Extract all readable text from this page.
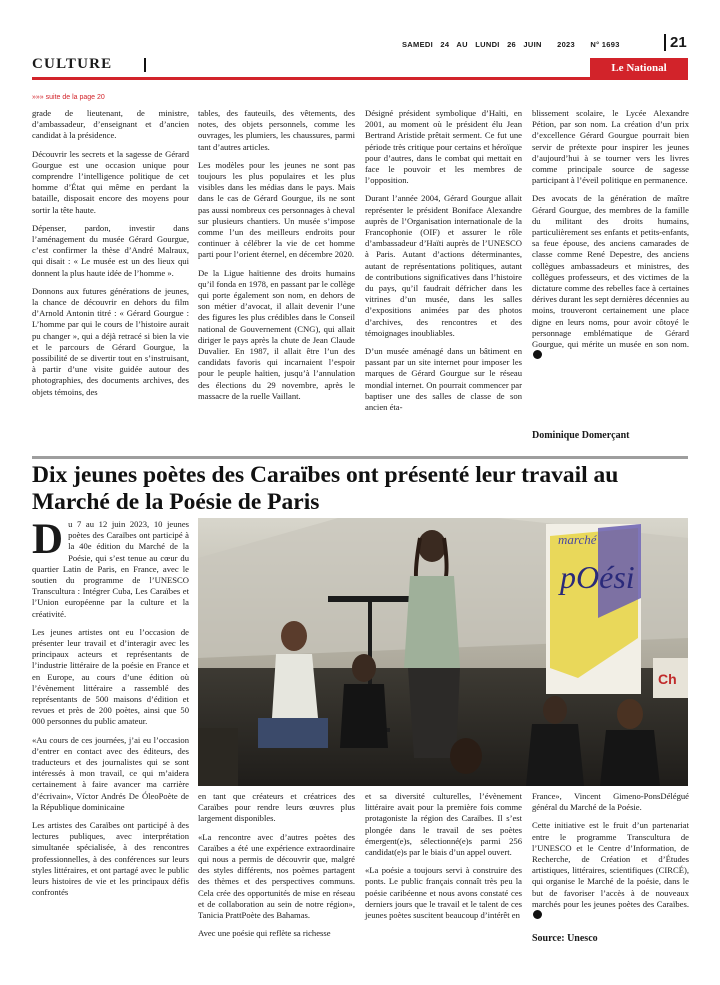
SAMEDI 24 AU LUNDI 26 JUIN 2023 N° 1693	21
CULTURE	Le National
»»» suite de la page 20

grade de lieutenant, de ministre, d’ambassadeur, d’enseignant et d’ancien candidat à la présidence.

Découvrir les secrets et la sagesse de Gérard Gourgue est une occasion unique pour comprendre l’intelligence politique de cet homme d’État qui même en perdant la bataille, disposait encore des moyens pour sortir la tête haute.

Dépenser, pardon, investir dans l’aménagement du musée Gérard Gourgue, c’est confirmer la thèse d’André Malraux, qui disait : « Le musée est un des lieux qui donnent la plus haute idée de l’homme ».

Donnons aux futures générations de jeunes, la chance de découvrir en dehors du film d’Arnold Antonin titré : « Gérard Gourgue : L’homme par qui le cours de l’histoire aurait pu changer », qui a déjà retracé si bien la vie et le parcours de Gérard Gourgue, la possibilité de se divertir tout en s’instruisant, à partir d’une visite guidée autour des photographies, des documents archives, des objets témoins, des

tables, des fauteuils, des vêtements, des notes, des objets personnels, comme les ouvrages, les plumiers, les chaussures, parmi tant d’autres articles.

Les modèles pour les jeunes ne sont pas toujours les plus populaires et les plus visibles dans les médias dans le pays. Mais dans le cas de Gérard Gourgue, ils ne sont pas aussi nombreux ces personnages à cheval sur plusieurs chantiers. Un musée s’impose comme l’un des meilleurs endroits pour continuer à célébrer la vie de cet homme parti pour l’orient éternel, en décembre 2020.

De la Ligue haïtienne des droits humains qu’il fonda en 1978, en passant par le collège qui porte également son nom, en dehors de son métier d’avocat, il allait devenir l’une des figures les plus crédibles dans le Conseil national de Gouvernement (CNG), qui allait diriger le pays après la chute de Jean Claude Duvalier. En 1987, il allait être l’un des candidats favoris qui incarnaient l’espoir pour le peuple haïtien, jusqu’à l’annulation des élections du 29 novembre, après le massacre de la ruelle Vaillant.

Désigné président symbolique d’Haïti, en 2001, au moment où le président élu Jean Bertrand Aristide prêtait serment. Ce fut une période très critique pour certains et héroïque pour d’autres, dans le combat qui mettait en face le pouvoir et les membres de l’opposition.

Durant l’année 2004, Gérard Gourgue allait représenter le président Boniface Alexandre auprès de l’Organisation internationale de la Francophonie (OIF) et assurer le rôle d’ambassadeur d’Haïti auprès de l’UNESCO à Paris. Autant d’actions déterminantes, autant de représentations politiques, autant de contributions significatives dans l’histoire du pays, qu’il faudrait défricher dans les vitrines d’un musée, dans les salles d’expositions animées par des photos d’archives, des rencontres et des témoignages inoubliables.

D’un musée aménagé dans un bâtiment en passant par un site internet pour imposer les marques de Gérard Gourgue sur le réseau mondial internet. On pourrait commencer par baptiser une des salles de classe de son ancien éta-

blissement scolaire, le Lycée Alexandre Pétion, par son nom. La création d’un prix d’excellence Gérard Gourgue pourrait bien servir de prétexte pour inspirer les jeunes d’aujourd’hui à se tourner vers les livres comme principale source de sagesse participant à l’éveil politique en permanence.

Des avocats de la génération de maître Gérard Gourgue, des membres de la famille du militant des droits humains, particulièrement ses enfants et petits-enfants, sa feue épouse, des anciens camarades de classe comme René Depestre, des anciens collègues ambassadeurs et ministres, des collègues professeurs, et des victimes de la dictature comme des rebelles face à certaines dérives durant les sept dernières décennies au moins, trouveront certainement une place digne en leurs noms, pour avoir côtoyé le personnage emblématique de Gérard Gourgue, qui mérite un musée en son nom.

Dominique Domerçant
Dix jeunes poètes des Caraïbes ont présenté leur travail au Marché de la Poésie de Paris

Du 7 au 12 juin 2023, 10 jeunes poètes des Caraïbes ont participé à la 40e édition du Marché de la Poésie, qui s’est tenue au cœur du quartier Latin de Paris, en France, avec le soutien du programme de l’UNESCO Transcultura : Intégrer Cuba, Les Caraïbes et l’Union européenne par la culture et la créativité.

Les jeunes artistes ont eu l’occasion de présenter leur travail et d’interagir avec les principaux acteurs et représentants de l’industrie littéraire de la poésie en France et en Europe, au cours d’une édition où l’évènement littéraire a rassemblé des représentants de 500 maisons d’édition et revues et près de 200 poètes, ainsi que 50 000 personnes du public amateur.

«Au cours de ces journées, j’ai eu l’occasion d’entrer en contact avec des éditeurs, des traducteurs et des journalistes qui se sont intéressés à mon travail, ce qui m’aidera certainement à faire avancer ma carrière d’écrivain», Víctor Andrés De ÓleoPoète de la République dominicaine

Les artistes des Caraïbes ont participé à des lectures publiques, avec interprétation simultanée spécialisée, à des rencontres professionnelles, à des conférences sur leurs styles littéraires, et ont partagé avec le public leurs histoires de vie et les principaux défis confrontés

marché
pOési
Ch

en tant que créateurs et créatrices des Caraïbes pour rendre leurs œuvres plus largement disponibles.

«La rencontre avec d’autres poètes des Caraïbes a été une expérience extraordinaire qui nous a permis de découvrir que, malgré des styles différents, nos poèmes partagent des thèmes et des perspectives communs. Cela crée des opportunités de mise en réseau et de collaboration au sein de notre région», Tanicia PrattPoète des Bahamas.

Avec une poésie qui reflète sa richesse

et sa diversité culturelles, l’évènement littéraire avait pour la première fois comme protagoniste la région des Caraïbes. Il s’est plongée dans le travail de ses poètes émergent(e)s, sélectionné(e)s parmi 256 candidat(e)s par le biais d’un appel ouvert.

«La poésie a toujours servi à construire des ponts. Le public français connaît très peu la poésie caribéenne et nous avons constaté ces derniers jours que le travail et le talent de ces jeunes poètes suscitent beaucoup d’intérêt en

France», Vincent Gimeno-PonsDélégué général du Marché de la Poésie.

Cette initiative est le fruit d’un partenariat entre le programme Transcultura de l’UNESCO et le Centre d’Information, de Recherche, de Création et d’Études artistiques, littéraires, scientifiques (CIRCÉ), qui organise le Marché de la poésie, dans le but de favoriser l’accès à de nouveaux marchés pour les jeunes poètes des Caraïbes.

Source: Unesco
